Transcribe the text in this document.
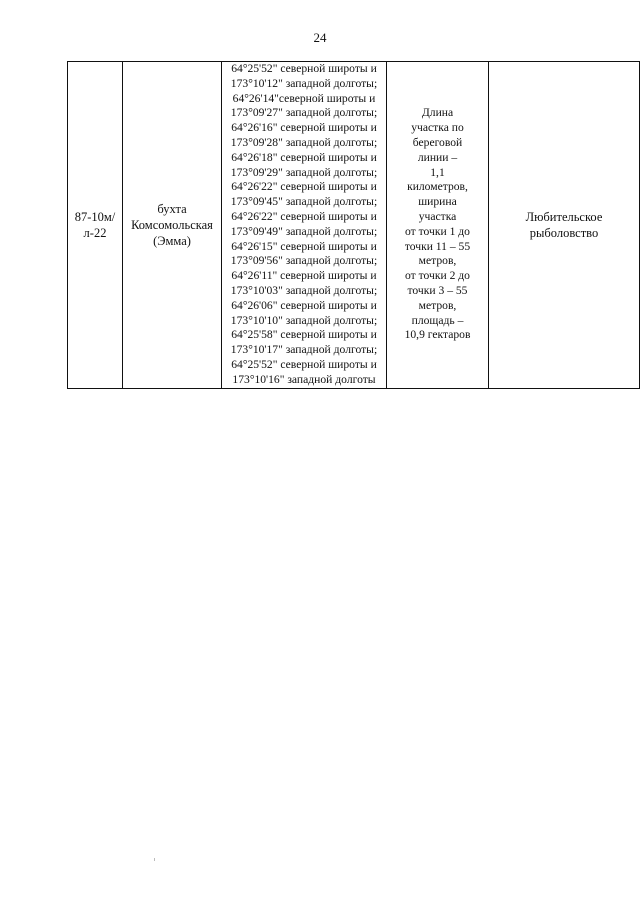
24
87-10м/
л-22

бухта
Комсомольская
(Эмма)

64°25'52" северной широты и
173°10'12" западной долготы;
64°26'14"северной широты и
173°09'27" западной долготы;
64°26'16" северной широты и
173°09'28" западной долготы;
64°26'18" северной широты и
173°09'29" западной долготы;
64°26'22" северной широты и
173°09'45" западной долготы;
64°26'22" северной широты и
173°09'49" западной долготы;
64°26'15" северной широты и
173°09'56" западной долготы;
64°26'11" северной широты и
173°10'03" западной долготы;
64°26'06" северной широты и
173°10'10" западной долготы;
64°25'58" северной широты и
173°10'17" западной долготы;
64°25'52" северной широты и
173°10'16" западной долготы

Длина
участка по
береговой
линии –
1,1
километров,
ширина
участка
от точки 1 до
точки 11 – 55
метров,
от точки 2 до
точки 3 – 55
метров,
площадь –
10,9 гектаров

Любительское
рыболовство
